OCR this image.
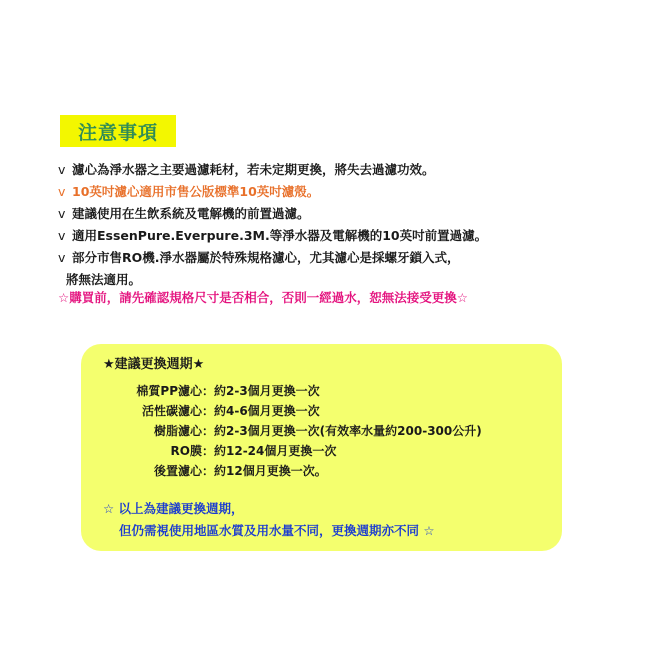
注意事項
v 濾心為淨水器之主要過濾耗材，若未定期更換，將失去過濾功效。
v 10英吋濾心適用市售公版標準10英吋濾殼。
v 建議使用在生飲系統及電解機的前置過濾。
v 適用EssenPure.Everpure.3M.等淨水器及電解機的10英吋前置過濾。
v 部分市售RO機.淨水器屬於特殊規格濾心，尤其濾心是採螺牙鎖入式，
將無法適用。
☆購買前，請先確認規格尺寸是否相合，否則一經過水，恕無法接受更換☆
★建議更換週期★
棉質PP濾心： 約2-3個月更換一次
活性碳濾心： 約4-6個月更換一次
樹脂濾心： 約2-3個月更換一次(有效率水量約200-300公升)
RO膜： 約12-24個月更換一次
後置濾心： 約12個月更換一次。
☆ 以上為建議更換週期，
但仍需視使用地區水質及用水量不同，更換週期亦不同 ☆
